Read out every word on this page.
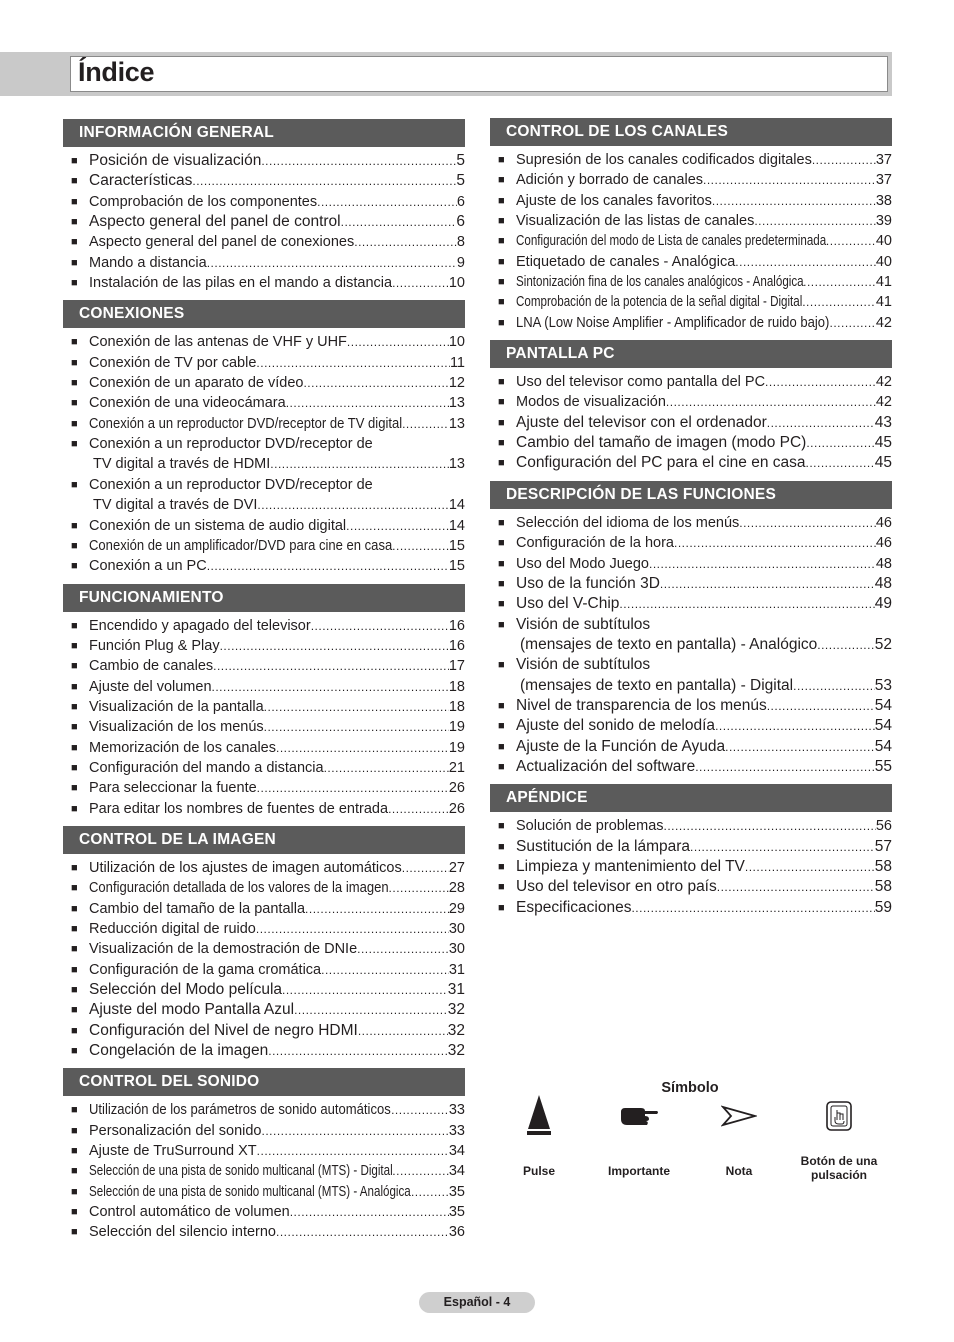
Índice
INFORMACIÓN GENERAL
■ Posición de visualización .....	5
■ Características .....	5
■ Comprobación de los componentes .....	6
■ Aspecto general del panel de control .....	6
■ Aspecto general del panel de conexiones .....	8
■ Mando a distancia .....	9
■ Instalación de las pilas en el mando a distancia .....	10
CONEXIONES
■ Conexión de las antenas de VHF y UHF .....	10
■ Conexión de TV por cable .....	11
■ Conexión de un aparato de vídeo .....	12
■ Conexión de una videocámara .....	13
■ Conexión a un reproductor DVD/receptor de TV digital .....	13
■ Conexión a un reproductor DVD/receptor de
TV digital a través de HDMI .....	13
■ Conexión a un reproductor DVD/receptor de
TV digital a través de DVI .....	14
■ Conexión de un sistema de audio digital .....	14
■ Conexión de un amplificador/DVD para cine en casa .....	15
■ Conexión a un PC .....	15
FUNCIONAMIENTO
■ Encendido y apagado del televisor .....	16
■ Función Plug & Play .....	16
■ Cambio de canales .....	17
■ Ajuste del volumen .....	18
■ Visualización de la pantalla .....	18
■ Visualización de los menús .....	19
■ Memorización de los canales .....	19
■ Configuración del mando a distancia .....	21
■ Para seleccionar la fuente .....	26
■ Para editar los nombres de fuentes de entrada .....	26
CONTROL DE LA IMAGEN
■ Utilización de los ajustes de imagen automáticos .....	27
■ Configuración detallada de los valores de la imagen .....	28
■ Cambio del tamaño de la pantalla .....	29
■ Reducción digital de ruido .....	30
■ Visualización de la demostración de DNIe .....	30
■ Configuración de la gama cromática .....	31
■ Selección del Modo película .....	31
■ Ajuste del modo Pantalla Azul .....	32
■ Configuración del Nivel de negro HDMI .....	32
■ Congelación de la imagen .....	32
CONTROL DEL SONIDO
■ Utilización de los parámetros de sonido automáticos .....	33
■ Personalización del sonido .....	33
■ Ajuste de TruSurround XT .....	34
■ Selección de una pista de sonido multicanal (MTS) - Digital .....	34
■ Selección de una pista de sonido multicanal (MTS) - Analógica .....	35
■ Control automático de volumen .....	35
■ Selección del silencio interno .....	36
CONTROL DE LOS CANALES
■ Supresión de los canales codificados digitales .....	37
■ Adición y borrado de canales .....	37
■ Ajuste de los canales favoritos .....	38
■ Visualización de las listas de canales .....	39
■ Configuración del modo de Lista de canales predeterminada .....	40
■ Etiquetado de canales - Analógica .....	40
■ Sintonización fina de los canales analógicos - Analógica .....	41
■ Comprobación de la potencia de la señal digital - Digital .....	41
■ LNA (Low Noise Amplifier - Amplificador de ruido bajo) .....	42
PANTALLA PC
■ Uso del televisor como pantalla del PC .....	42
■ Modos de visualización .....	42
■ Ajuste del televisor con el ordenador .....	43
■ Cambio del tamaño de imagen (modo PC) .....	45
■ Configuración del PC para el cine en casa .....	45
DESCRIPCIÓN DE LAS FUNCIONES
■ Selección del idioma de los menús .....	46
■ Configuración de la hora .....	46
■ Uso del Modo Juego .....	48
■ Uso de la función 3D .....	48
■ Uso del V-Chip .....	49
■ Visión de subtítulos
(mensajes de texto en pantalla) - Analógico .....	52
■ Visión de subtítulos
(mensajes de texto en pantalla) - Digital .....	53
■ Nivel de transparencia de los menús .....	54
■ Ajuste del sonido de melodía .....	54
■ Ajuste de la Función de Ayuda .....	54
■ Actualización del software .....	55
APÉNDICE
■ Solución de problemas .....	56
■ Sustitución de la lámpara .....	57
■ Limpieza y mantenimiento del TV .....	58
■ Uso del televisor en otro país .....	58
■ Especificaciones .....	59
Símbolo
Pulse	Importante	Nota
Botón de una pulsación
Español - 4
